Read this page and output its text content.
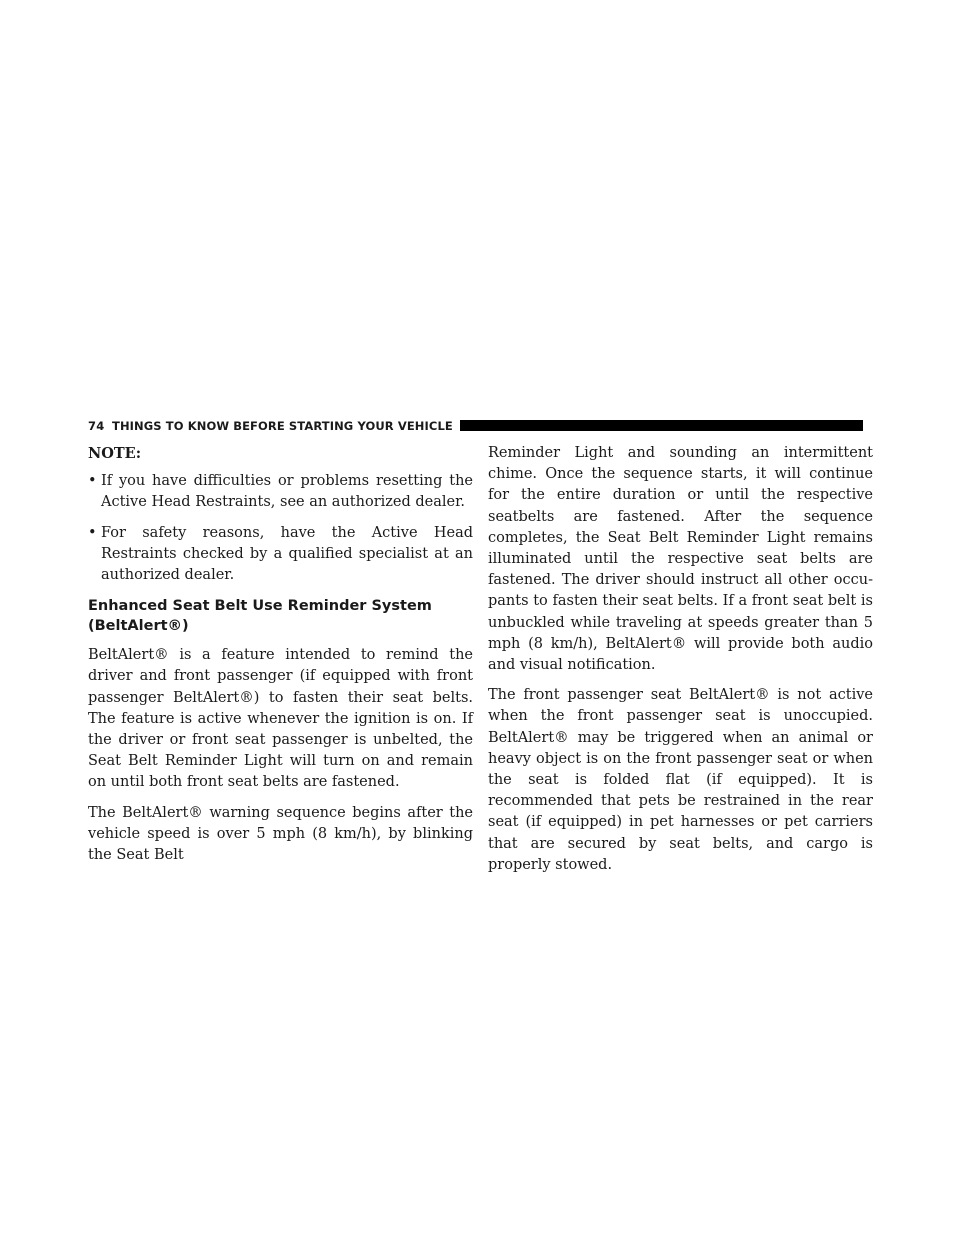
74 THINGS TO KNOW BEFORE STARTING YOUR VEHICLE
NOTE:
• If you have difficulties or problems resetting the Active Head Restraints, see an authorized dealer.
• For safety reasons, have the Active Head Restraints checked by a qualified specialist at an authorized dealer.
Enhanced Seat Belt Use Reminder System
(BeltAlert®)

BeltAlert® is a feature intended to remind the driver and front passenger (if equipped with front passenger BeltAlert®) to fasten their seat belts. The feature is active whenever the ignition is on. If the driver or front seat passenger is unbelted, the Seat Belt Reminder Light will turn on and remain on until both front seat belts are fastened.

The BeltAlert® warning sequence begins after the vehicle speed is over 5 mph (8 km/h), by blinking the Seat Belt

Reminder Light and sounding an intermittent chime. Once the sequence starts, it will continue for the entire duration or until the respective seatbelts are fastened. After the sequence completes, the Seat Belt Reminder Light remains illuminated until the respective seat belts are fastened. The driver should instruct all other occu-pants to fasten their seat belts. If a front seat belt is unbuckled while traveling at speeds greater than 5 mph (8 km/h), BeltAlert® will provide both audio and visual notification.

The front passenger seat BeltAlert® is not active when the front passenger seat is unoccupied. BeltAlert® may be triggered when an animal or heavy object is on the front passenger seat or when the seat is folded flat (if equipped). It is recommended that pets be restrained in the rear seat (if equipped) in pet harnesses or pet carriers that are secured by seat belts, and cargo is properly stowed.
